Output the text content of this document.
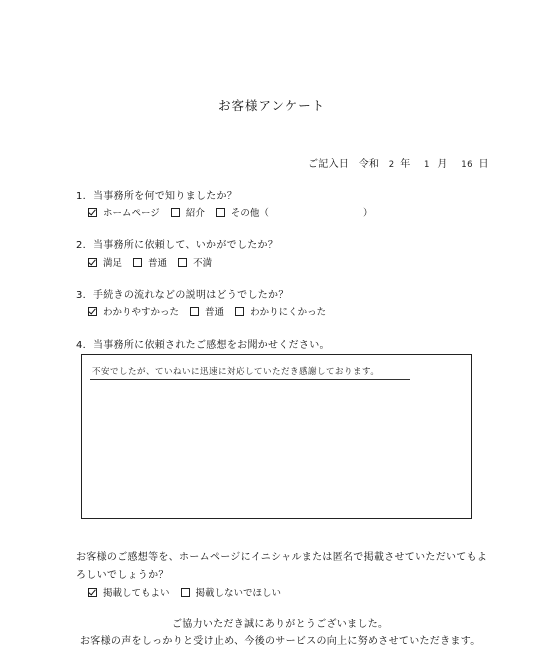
お客様アンケート
ご記入日 令和 2 年 1 月 16 日
1．当事務所を何で知りましたか？
ホームページ	紹介	その他（	）
2．当事務所に依頼して、いかがでしたか？
満足	普通	不満
3．手続きの流れなどの説明はどうでしたか？
わかりやすかった	普通	わかりにくかった
4．当事務所に依頼されたご感想をお聞かせください。
不安でしたが、ていねいに迅速に対応していただき感謝しております。
お客様のご感想等を、ホームページにイニシャルまたは匿名で掲載させていただいてもよ
ろしいでしょうか？
掲載してもよい	掲載しないでほしい
ご協力いただき誠にありがとうございました。
お客様の声をしっかりと受け止め、今後のサービスの向上に努めさせていただきます。
